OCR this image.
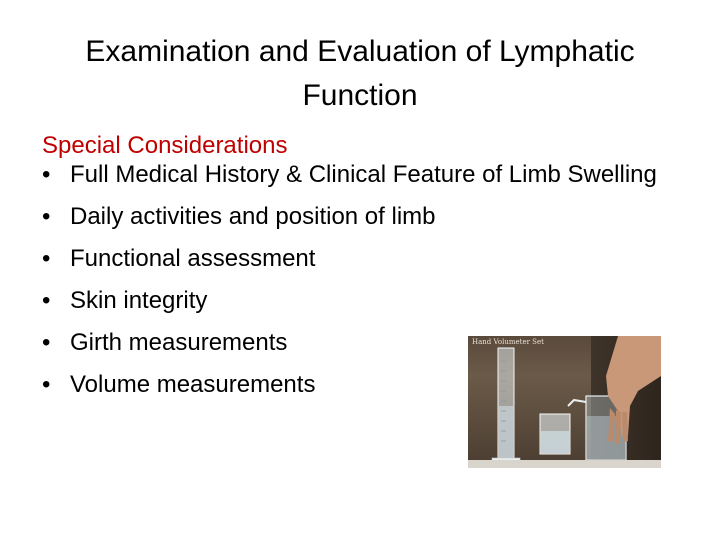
Examination and Evaluation of Lymphatic Function
Special Considerations
• Full Medical History & Clinical Feature of Limb Swelling
• Daily activities and position of limb
• Functional assessment
• Skin integrity
• Girth measurements
• Volume measurements
Hand Volumeter Set
